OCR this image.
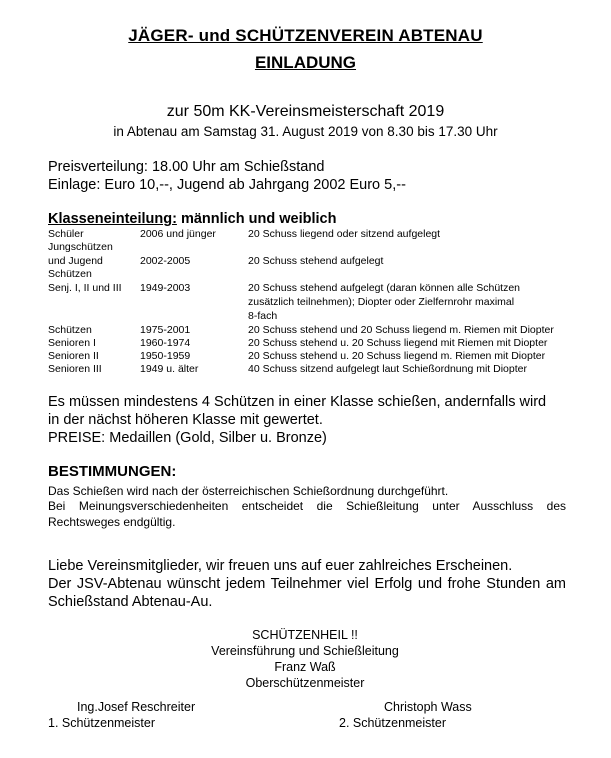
JÄGER- und SCHÜTZENVEREIN ABTENAU
EINLADUNG
zur 50m KK-Vereinsmeisterschaft 2019
in Abtenau am Samstag 31. August 2019 von 8.30 bis 17.30 Uhr
Preisverteilung: 18.00 Uhr am Schießstand
Einlage: Euro 10,--, Jugend ab Jahrgang 2002 Euro 5,--
Klasseneinteilung: männlich und weiblich
Schüler	2006 und jünger	20 Schuss liegend oder sitzend aufgelegt
Jungschützen
und Jugend	2002-2005	20 Schuss stehend aufgelegt
Schützen
Senj. I, II und III	1949-2003	20 Schuss stehend aufgelegt (daran können alle Schützen
zusätzlich teilnehmen); Diopter oder Zielfernrohr maximal
8-fach
Schützen	1975-2001	20 Schuss stehend und 20 Schuss liegend m. Riemen mit Diopter
Senioren I	1960-1974	20 Schuss stehend u. 20 Schuss liegend mit Riemen mit Diopter
Senioren II	1950-1959	20 Schuss stehend u. 20 Schuss liegend m. Riemen mit Diopter
Senioren III	1949 u. älter	40 Schuss sitzend aufgelegt laut Schießordnung mit Diopter
Es müssen mindestens 4 Schützen in einer Klasse schießen, andernfalls wird
in der nächst höheren Klasse mit gewertet.
PREISE: Medaillen (Gold, Silber u. Bronze)
BESTIMMUNGEN:
Das Schießen wird nach der österreichischen Schießordnung durchgeführt.
Bei Meinungsverschiedenheiten entscheidet die Schießleitung unter Ausschluss des Rechtsweges endgültig.
Liebe Vereinsmitglieder, wir freuen uns auf euer zahlreiches Erscheinen.
Der JSV-Abtenau wünscht jedem Teilnehmer viel Erfolg und frohe Stunden am Schießstand Abtenau-Au.
SCHÜTZENHEIL !!
Vereinsführung und Schießleitung
Franz Waß
Oberschützenmeister
Ing.Josef Reschreiter
1. Schützenmeister
Christoph Wass
2. Schützenmeister
